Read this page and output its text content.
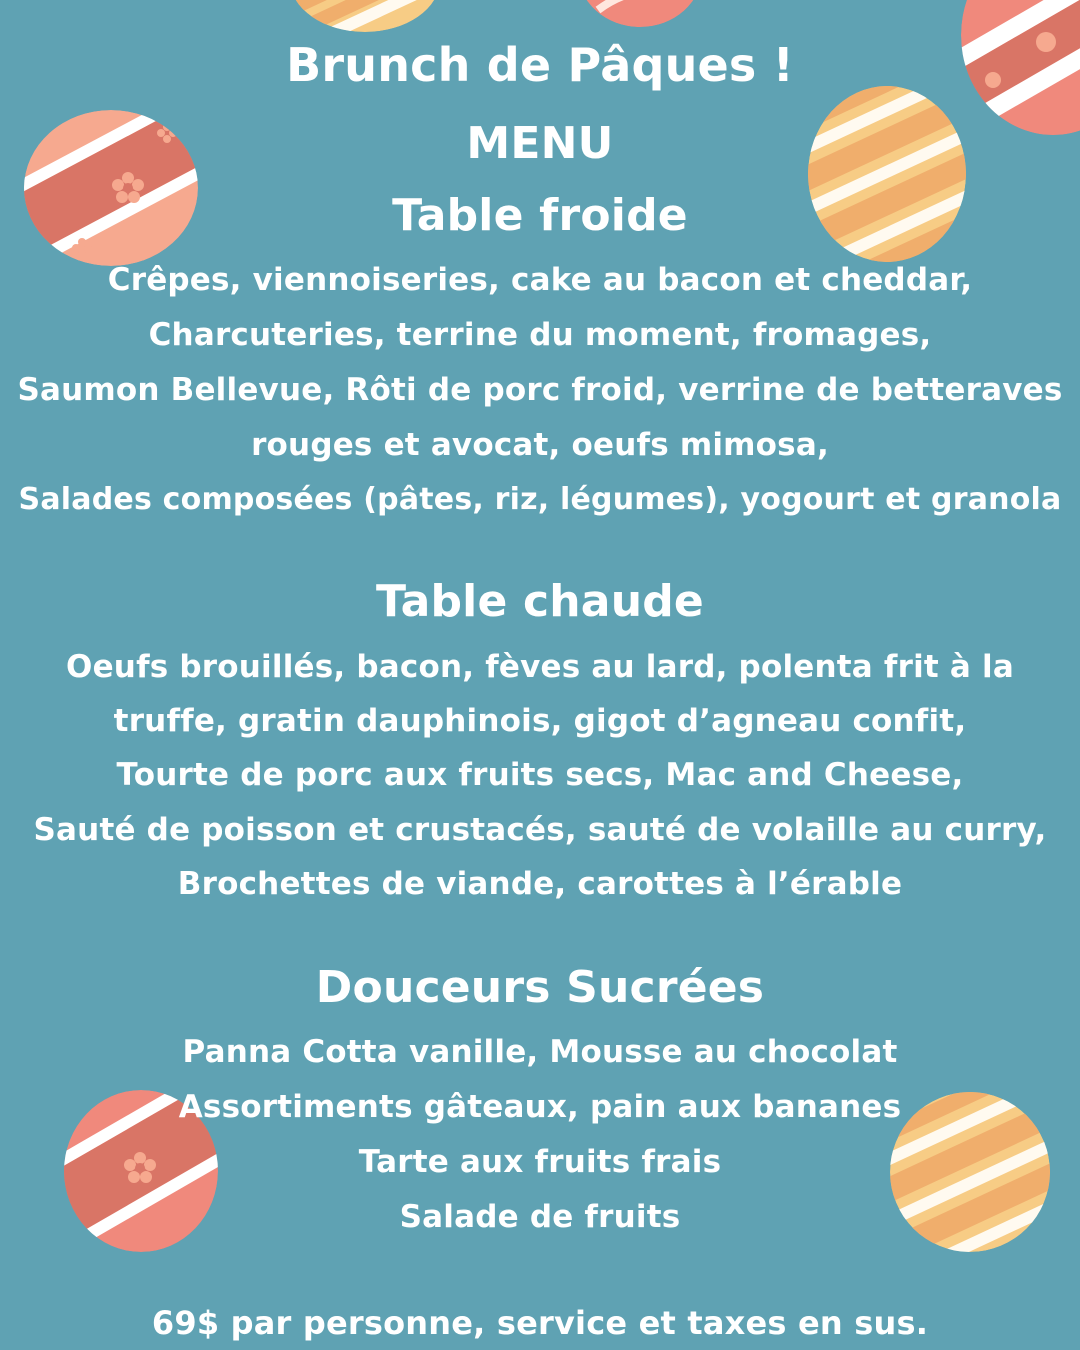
Brunch de Pâques !
MENU
Table froide
Crêpes, viennoiseries, cake au bacon et cheddar,
Charcuteries, terrine du moment, fromages,
Saumon Bellevue, Rôti de porc froid, verrine de betteraves
rouges et avocat, oeufs mimosa,
Salades composées (pâtes, riz, légumes), yogourt et granola
Table chaude
Oeufs brouillés, bacon, fèves au lard, polenta frit à la
truffe, gratin dauphinois, gigot d’agneau confit,
Tourte de porc aux fruits secs, Mac and Cheese,
Sauté de poisson et crustacés, sauté de volaille au curry,
Brochettes de viande, carottes à l’érable
Douceurs Sucrées
Panna Cotta vanille, Mousse au chocolat
Assortiments gâteaux, pain aux bananes
Tarte aux fruits frais
Salade de fruits
69$ par personne, service et taxes en sus.
